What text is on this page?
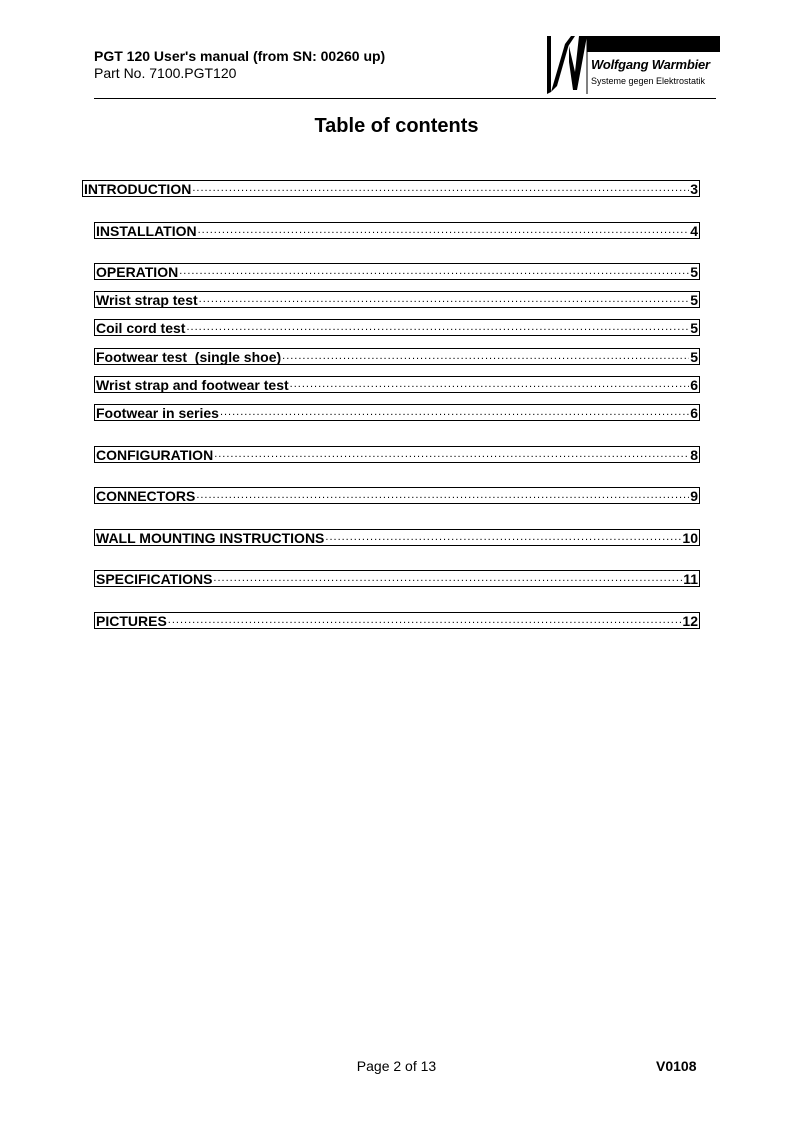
PGT 120 User's manual (from SN: 00260 up)
Part No. 7100.PGT120
Wolfgang Warmbier
Systeme gegen Elektrostatik
Table of contents
INTRODUCTION .....	3
INSTALLATION .....	4
OPERATION .....	5
Wrist strap test .....	5
Coil cord test .....	5
Footwear test  (single shoe) .....	5
Wrist strap and footwear test .....	6
Footwear in series .....	6
CONFIGURATION .....	8
CONNECTORS .....	9
WALL MOUNTING INSTRUCTIONS .....	10
SPECIFICATIONS .....	11
PICTURES .....	12
Page 2 of 13	V0108
